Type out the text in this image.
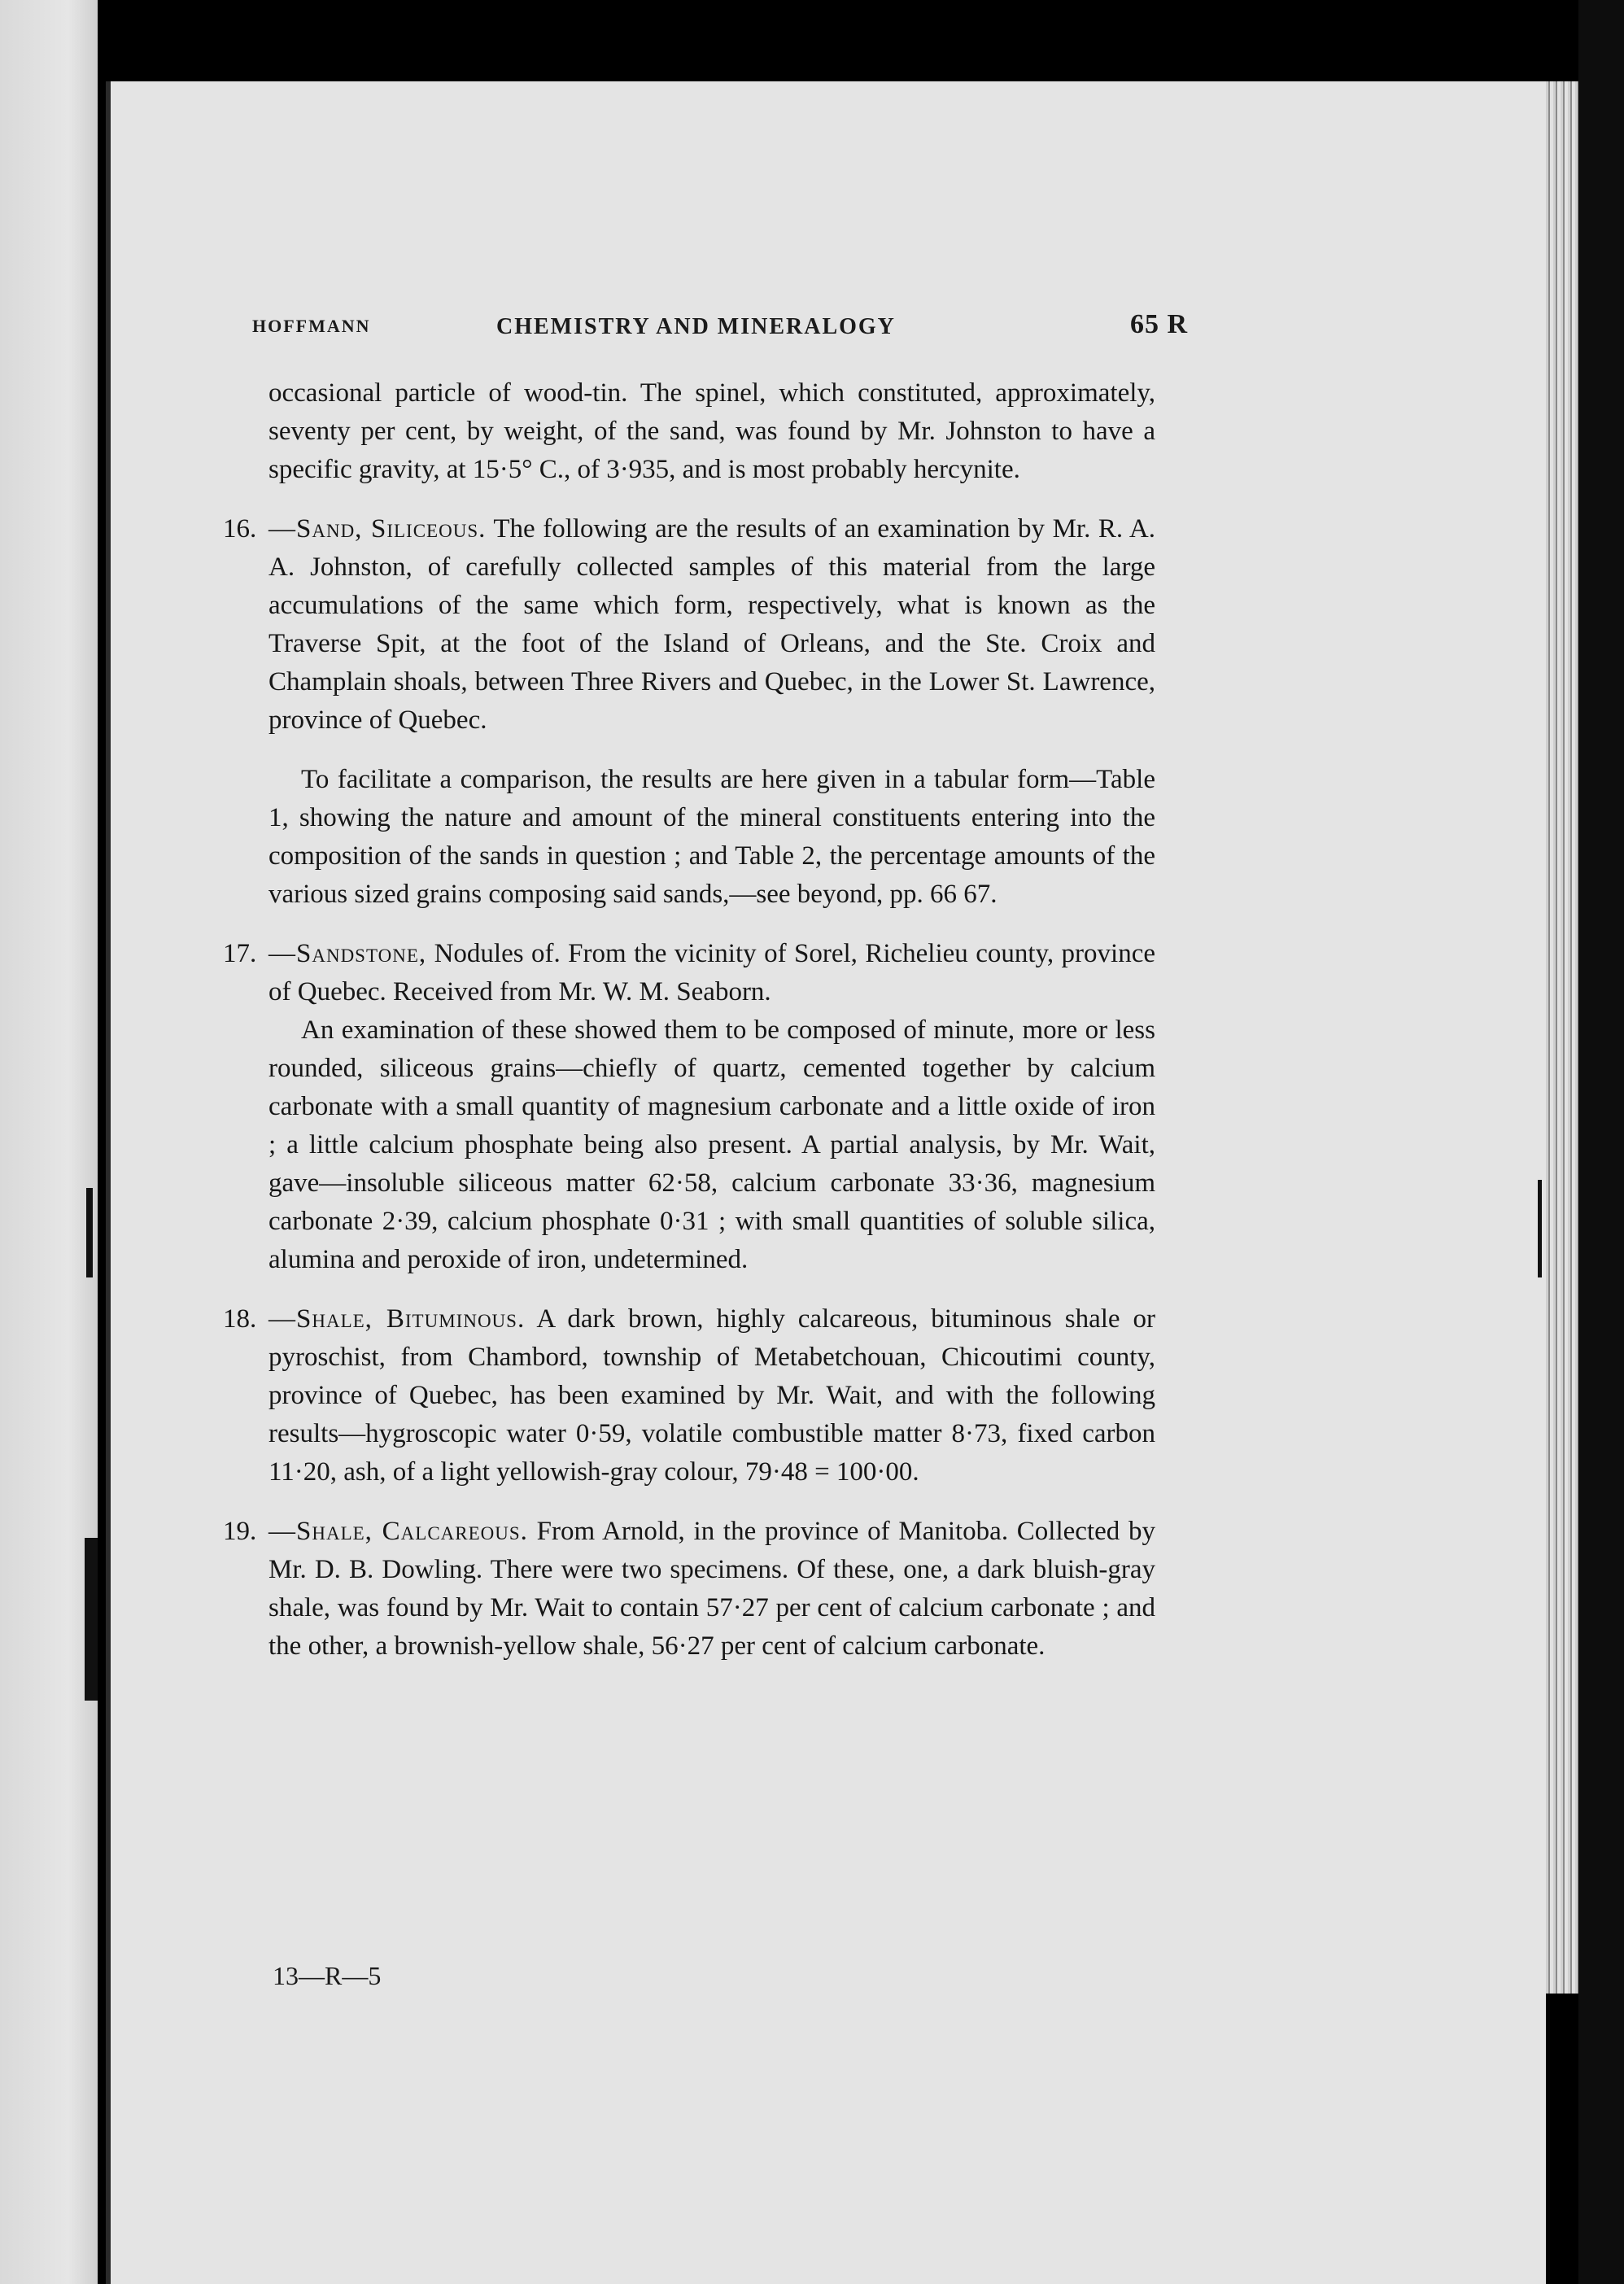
HOFFMANN	CHEMISTRY AND MINERALOGY	65 R

occasional particle of wood-tin. The spinel, which constituted, approximately, seventy per cent, by weight, of the sand, was found by Mr. Johnston to have a specific gravity, at 15·5° C., of 3·935, and is most probably hercynite.

16. —Sand, Siliceous. The following are the results of an examination by Mr. R. A. A. Johnston, of carefully collected samples of this material from the large accumulations of the same which form, respectively, what is known as the Traverse Spit, at the foot of the Island of Orleans, and the Ste. Croix and Champlain shoals, between Three Rivers and Quebec, in the Lower St. Lawrence, province of Quebec.

To facilitate a comparison, the results are here given in a tabular form—Table 1, showing the nature and amount of the mineral constituents entering into the composition of the sands in question ; and Table 2, the percentage amounts of the various sized grains composing said sands,—see beyond, pp. 66 67.

17. —Sandstone, Nodules of. From the vicinity of Sorel, Richelieu county, province of Quebec. Received from Mr. W. M. Seaborn.

An examination of these showed them to be composed of minute, more or less rounded, siliceous grains—chiefly of quartz, cemented together by calcium carbonate with a small quantity of magnesium carbonate and a little oxide of iron ; a little calcium phosphate being also present. A partial analysis, by Mr. Wait, gave—insoluble siliceous matter 62·58, calcium carbonate 33·36, magnesium carbonate 2·39, calcium phosphate 0·31 ; with small quantities of soluble silica, alumina and peroxide of iron, undetermined.

18. —Shale, Bituminous. A dark brown, highly calcareous, bituminous shale or pyroschist, from Chambord, township of Metabetchouan, Chicoutimi county, province of Quebec, has been examined by Mr. Wait, and with the following results—hygroscopic water 0·59, volatile combustible matter 8·73, fixed carbon 11·20, ash, of a light yellowish-gray colour, 79·48 = 100·00.

19. —Shale, Calcareous. From Arnold, in the province of Manitoba. Collected by Mr. D. B. Dowling. There were two specimens. Of these, one, a dark bluish-gray shale, was found by Mr. Wait to contain 57·27 per cent of calcium carbonate ; and the other, a brownish-yellow shale, 56·27 per cent of calcium carbonate.

13—R—5
